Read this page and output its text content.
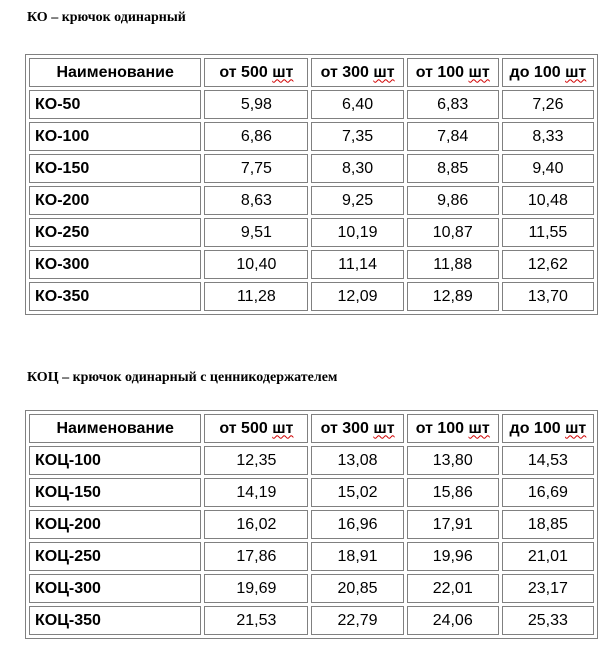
КО – крючок одинарный
Наименование	от 500 шт	от 300 шт	от 100 шт	до 100 шт
КО-50	5,98	6,40	6,83	7,26
КО-100	6,86	7,35	7,84	8,33
КО-150	7,75	8,30	8,85	9,40
КО-200	8,63	9,25	9,86	10,48
КО-250	9,51	10,19	10,87	11,55
КО-300	10,40	11,14	11,88	12,62
КО-350	11,28	12,09	12,89	13,70
КОЦ – крючок одинарный с ценникодержателем
Наименование	от 500 шт	от 300 шт	от 100 шт	до 100 шт
КОЦ-100	12,35	13,08	13,80	14,53
КОЦ-150	14,19	15,02	15,86	16,69
КОЦ-200	16,02	16,96	17,91	18,85
КОЦ-250	17,86	18,91	19,96	21,01
КОЦ-300	19,69	20,85	22,01	23,17
КОЦ-350	21,53	22,79	24,06	25,33
